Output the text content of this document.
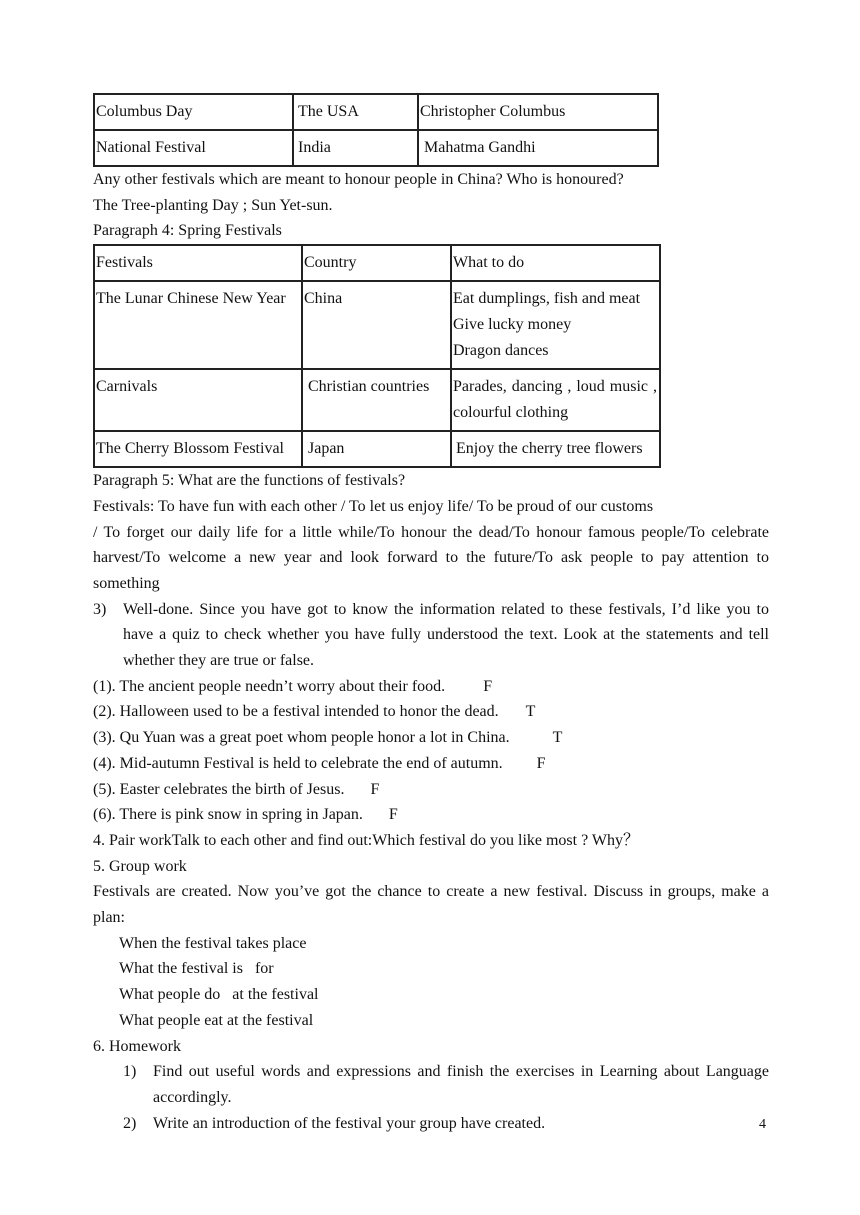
Columbus Day	The USA	Christopher Columbus
National Festival	India	Mahatma Gandhi

Any other festivals which are meant to honour people in China? Who is honoured?

The Tree-planting Day ; Sun Yet-sun.

Paragraph 4: Spring Festivals

Festivals	Country	What to do
The Lunar Chinese New Year	China	Eat dumplings, fish and meat
Give lucky money
Dragon dances

Carnivals	Christian countries	Parades, dancing , loud music , colourful clothing
The Cherry Blossom Festival	Japan	Enjoy the cherry tree flowers

Paragraph 5: What are the functions of festivals?

Festivals: To have fun with each other / To let us enjoy life/ To be proud of our customs

/ To forget our daily life for a little while/To honour the dead/To honour famous people/To celebrate harvest/To welcome a new year and look forward to the future/To ask people to pay attention to something

3) Well-done. Since you have got to know the information related to these festivals, I’d like you to have a quiz to check whether you have fully understood the text. Look at the statements and tell whether they are true or false.

(1). The ancient people needn’t worry about their food. F

(2). Halloween used to be a festival intended to honor the dead. T

(3). Qu Yuan was a great poet whom people honor a lot in China.	T

(4). Mid-autumn Festival is held to celebrate the end of autumn. F

(5). Easter celebrates the birth of Jesus. F

(6). There is pink snow in spring in Japan. F

4. Pair workTalk to each other and find out:Which festival do you like most ? Why？

5. Group work

Festivals are created. Now you’ve got the chance to create a new festival. Discuss in groups, make a plan:

When the festival takes place

What the festival is   for

What people do   at the festival

What people eat at the festival

6. Homework

1) Find out useful words and expressions and finish the exercises in Learning about Language accordingly.

2) Write an introduction of the festival your group have created.	4
